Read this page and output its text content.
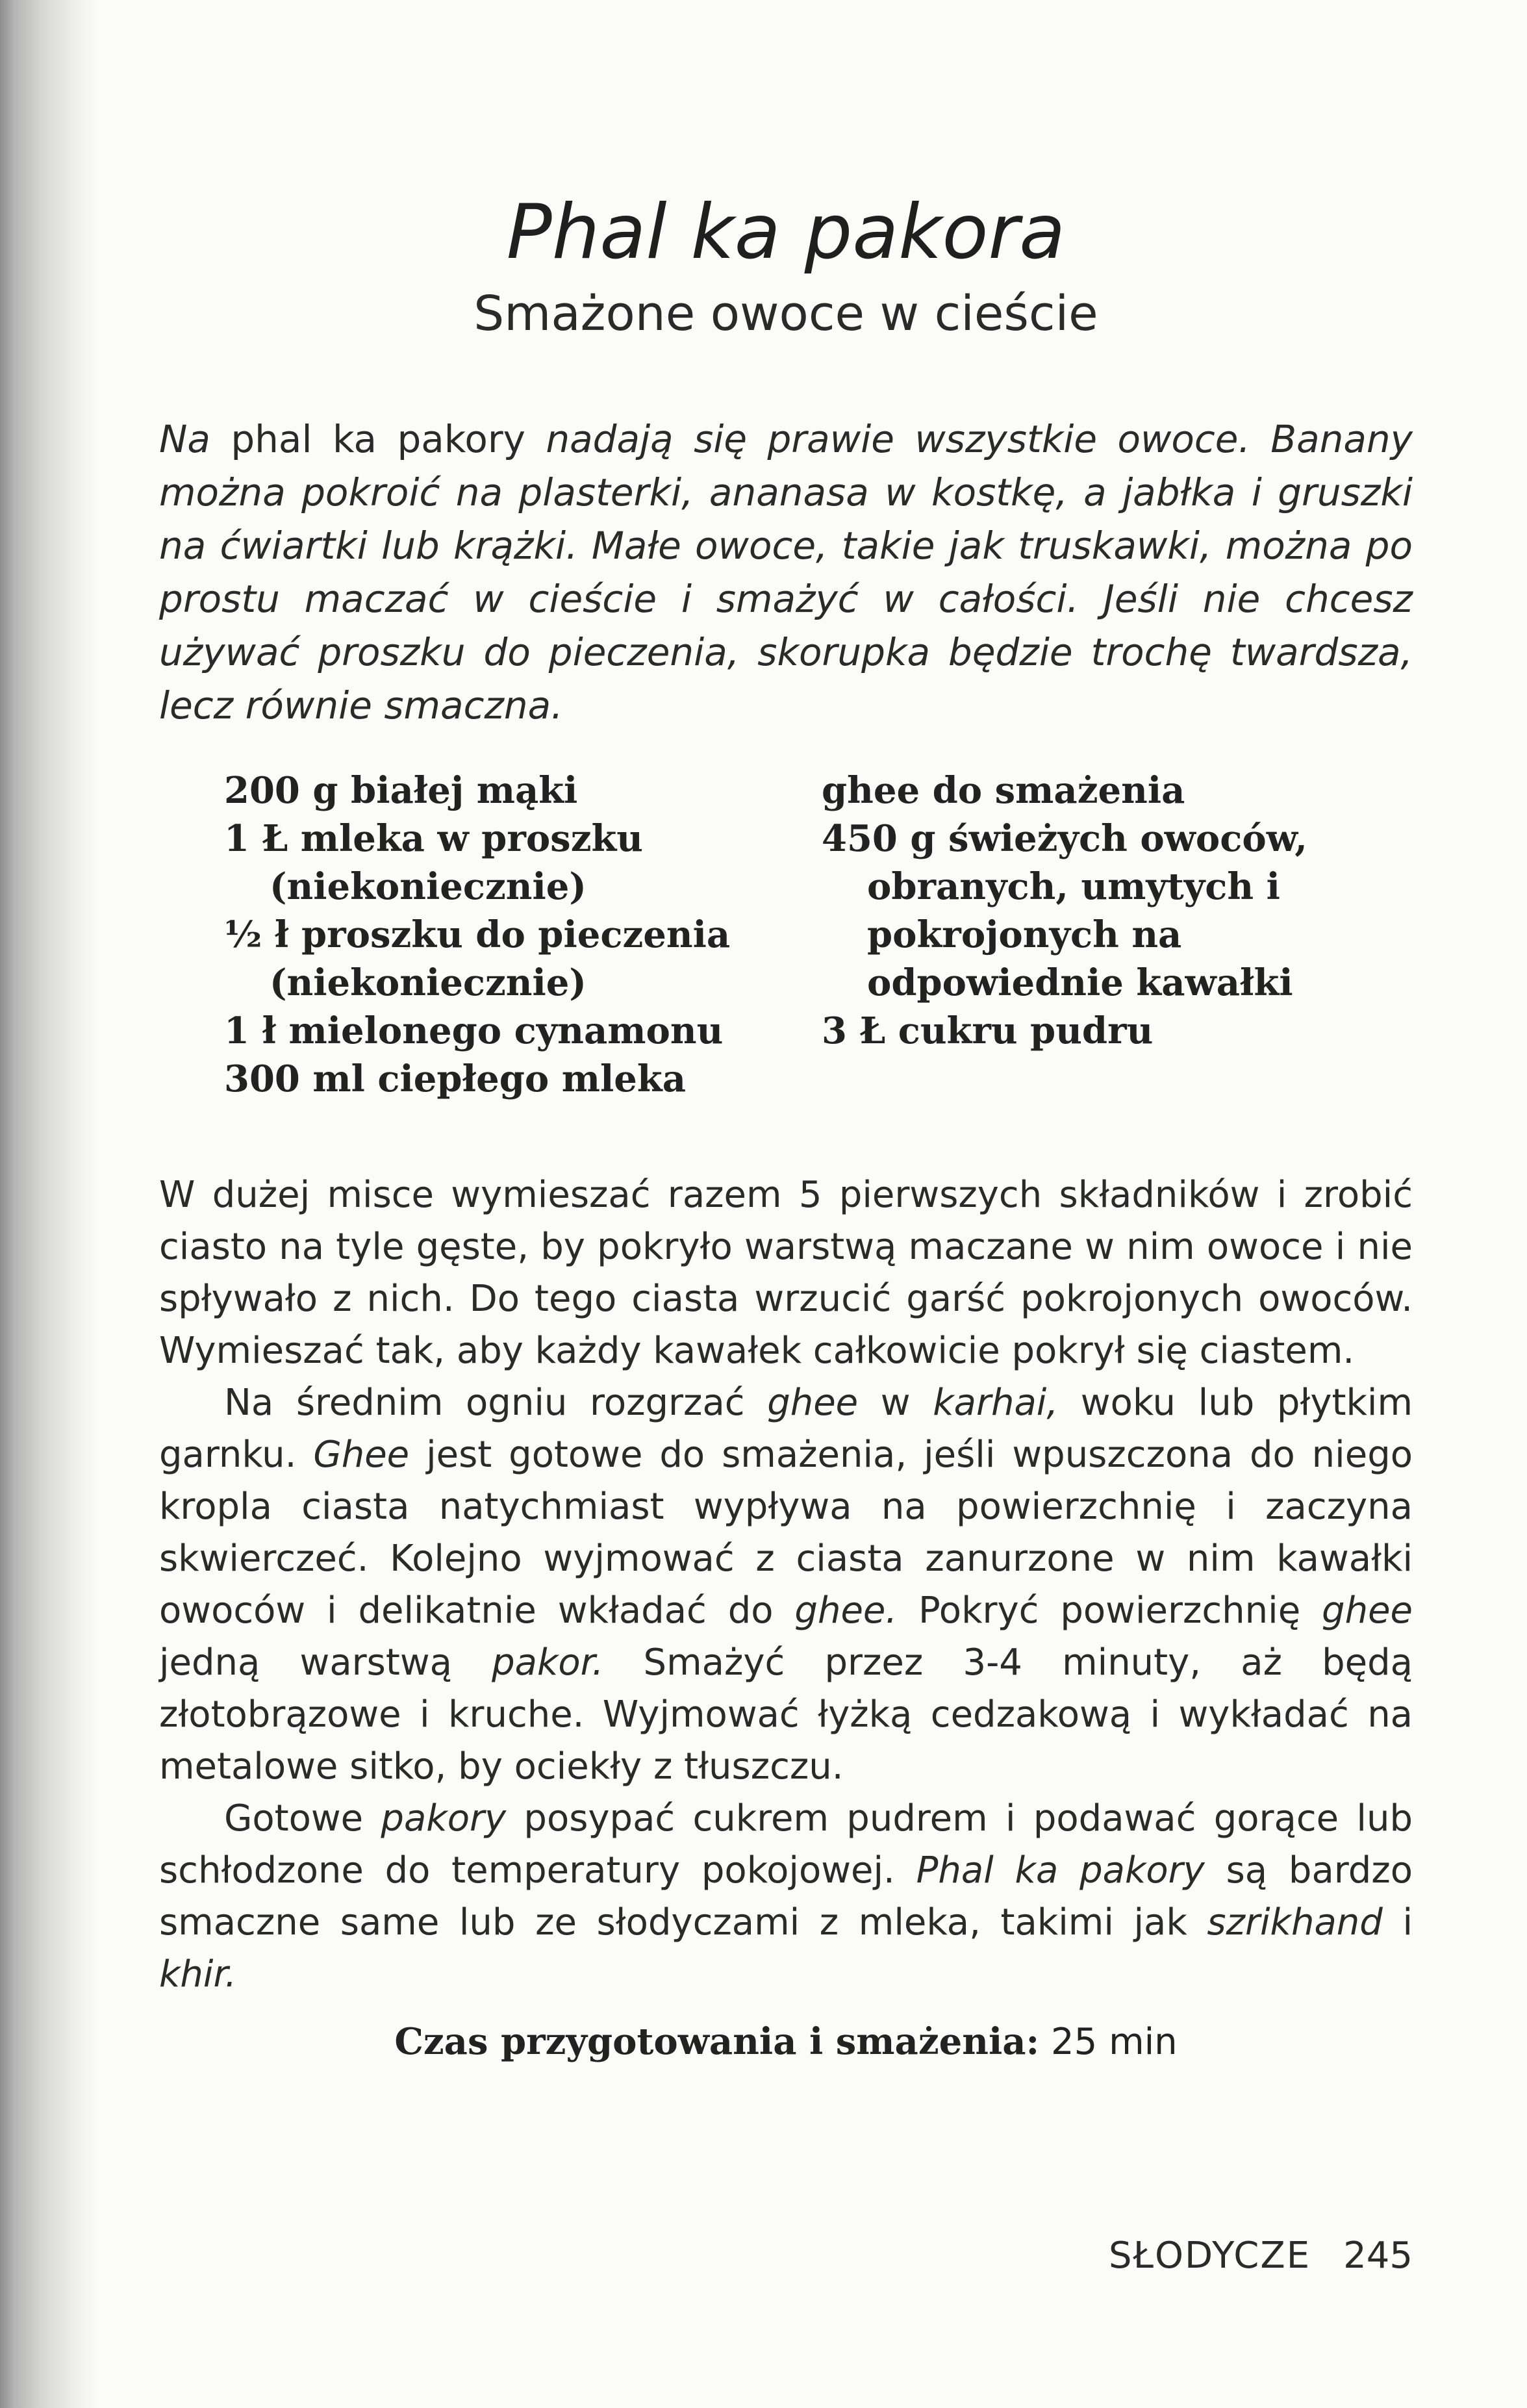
Phal ka pakora
Smażone owoce w cieście

Na phal ka pakory nadają się prawie wszystkie owoce. Banany można pokroić na plasterki, ananasa w kostkę, a jabłka i gruszki na ćwiartki lub krążki. Małe owoce, takie jak truskawki, można po prostu maczać w cieście i smażyć w całości. Jeśli nie chcesz używać proszku do pieczenia, skorupka będzie trochę twardsza, lecz równie smaczna.

200 g białej mąki

1 Ł mleka w proszku (niekoniecznie)

½ ł proszku do pieczenia (niekoniecznie)

1 ł mielonego cynamonu

300 ml ciepłego mleka

ghee do smażenia

450 g świeżych owoców, obranych, umytych i pokrojonych na odpowiednie kawałki

3 Ł cukru pudru

W dużej misce wymieszać razem 5 pierwszych składników i zrobić ciasto na tyle gęste, by pokryło warstwą maczane w nim owoce i nie spływało z nich. Do tego ciasta wrzucić garść pokrojonych owoców. Wymieszać tak, aby każdy kawałek całkowicie pokrył się ciastem.

Na średnim ogniu rozgrzać ghee w karhai, woku lub płytkim garnku. Ghee jest gotowe do smażenia, jeśli wpuszczona do niego kropla ciasta natychmiast wypływa na powierzchnię i zaczyna skwierczeć. Kolejno wyjmować z ciasta zanurzone w nim kawałki owoców i delikatnie wkładać do ghee. Pokryć powierzchnię ghee jedną warstwą pakor. Smażyć przez 3-4 minuty, aż będą złotobrązowe i kruche. Wyjmować łyżką cedzakową i wykładać na metalowe sitko, by ociekły z tłuszczu.

Gotowe pakory posypać cukrem pudrem i podawać gorące lub schłodzone do temperatury pokojowej. Phal ka pakory są bardzo smaczne same lub ze słodyczami z mleka, takimi jak szrikhand i khir.

Czas przygotowania i smażenia: 25 min
SŁODYCZE 245
